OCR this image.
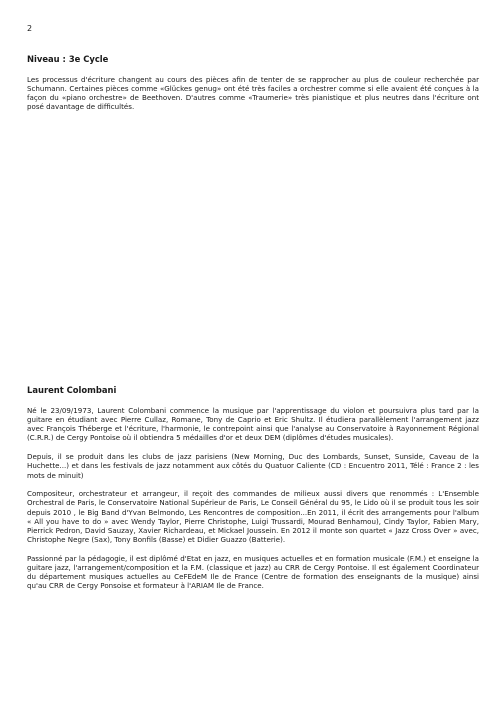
2
Niveau : 3e Cycle

Les processus d'écriture changent au cours des pièces afin de tenter de se rapprocher au plus de couleur recherchée par Schumann. Certaines pièces comme «Glückes genug» ont été très faciles a orchestrer comme si elle avaient été conçues à la façon du «piano orchestre» de Beethoven. D'autres comme «Traumerie» très pianistique et plus neutres dans l'écriture ont posé davantage de difficultés.

Laurent Colombani

Né le 23/09/1973, Laurent Colombani commence la musique par l'apprentissage du violon et poursuivra plus tard par la guitare en étudiant avec Pierre Cullaz, Romane, Tony de Caprio et Eric Shultz. Il étudiera parallèlement l'arrangement jazz avec François Théberge et l'écriture, l'harmonie, le contrepoint ainsi que l'analyse au Conservatoire à Rayonnement Régional (C.R.R.) de Cergy Pontoise où il obtiendra 5 médailles d'or et deux DEM (diplômes d'études musicales).

Depuis, il se produit dans les clubs de jazz parisiens (New Morning, Duc des Lombards, Sunset, Sunside, Caveau de la Huchette...) et dans les festivals de jazz notamment aux côtés du Quatuor Caliente (CD : Encuentro 2011, Télé : France 2 : les mots de minuit)

Compositeur, orchestrateur et arrangeur, il reçoit des commandes de milieux aussi divers que renommés : L'Ensemble Orchestral de Paris, le Conservatoire National Supérieur de Paris, Le Conseil Général du 95, le Lido où il se produit tous les soir depuis 2010 , le Big Band d'Yvan Belmondo, Les Rencontres de composition...En 2011, il écrit des arrangements pour l'album « All you have to do » avec Wendy Taylor, Pierre Christophe, Luigi Trussardi, Mourad Benhamou), Cindy Taylor, Fabien Mary, Pierrick Pedron, David Sauzay, Xavier Richardeau, et Mickael Joussein. En 2012 il monte son quartet « Jazz Cross Over » avec, Christophe Negre (Sax), Tony Bonfils (Basse) et Didier Guazzo (Batterie).

Passionné par la pédagogie, il est diplômé d'Etat en jazz, en musiques actuelles et en formation musicale (F.M.) et enseigne la guitare jazz, l'arrangement/composition et la F.M. (classique et jazz) au CRR de Cergy Pontoise. Il est également Coordinateur du département musiques actuelles au CeFEdeM Ile de France (Centre de formation des enseignants de la musique) ainsi qu'au CRR de Cergy Ponsoise et formateur à l'ARIAM Ile de France.
